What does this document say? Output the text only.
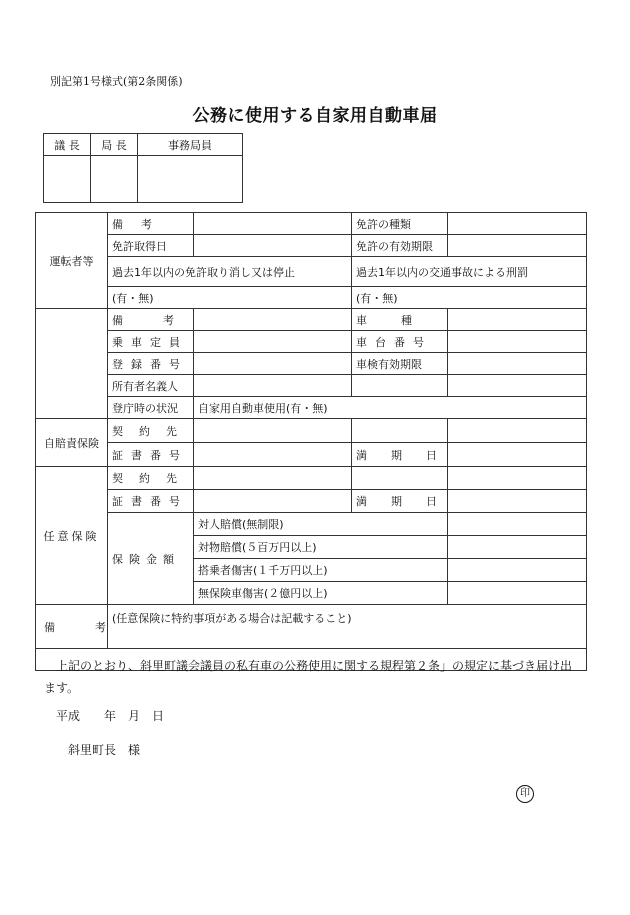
別記第1号様式(第2条関係)
公務に使用する自家用自動車届
議 長	局 長	事務局員

運転者等	備考		免許の種類	
	免許取得日		免許の有効期限	
	過去1年以内の免許取り消し又は停止		過去1年以内の交通事故による刑罰	
	(有・無)		(有・無)	
	備考		車種	
	乗車定員		車台番号	
	登録番号		車検有効期限	
	所有者名義人			
	登庁時の状況	自家用自動車使用(有・無)		
自賠責保険	契約先			
	証書番号		満期日	
任意保険	契約先			
	証書番号		満期日	
	保険金額	対人賠償(無制限)		
		対物賠償(５百万円以上)		
		搭乗者傷害(１千万円以上)		
		無保険車傷害(２億円以上)		
備考	(任意保険に特約事項がある場合は記載すること)			

　上記のとおり、斜里町議会議員の私有車の公務使用に関する規程第２条」の規定に基づき届け出ます。
平成　　年　月　日
斜里町長　様
印				
